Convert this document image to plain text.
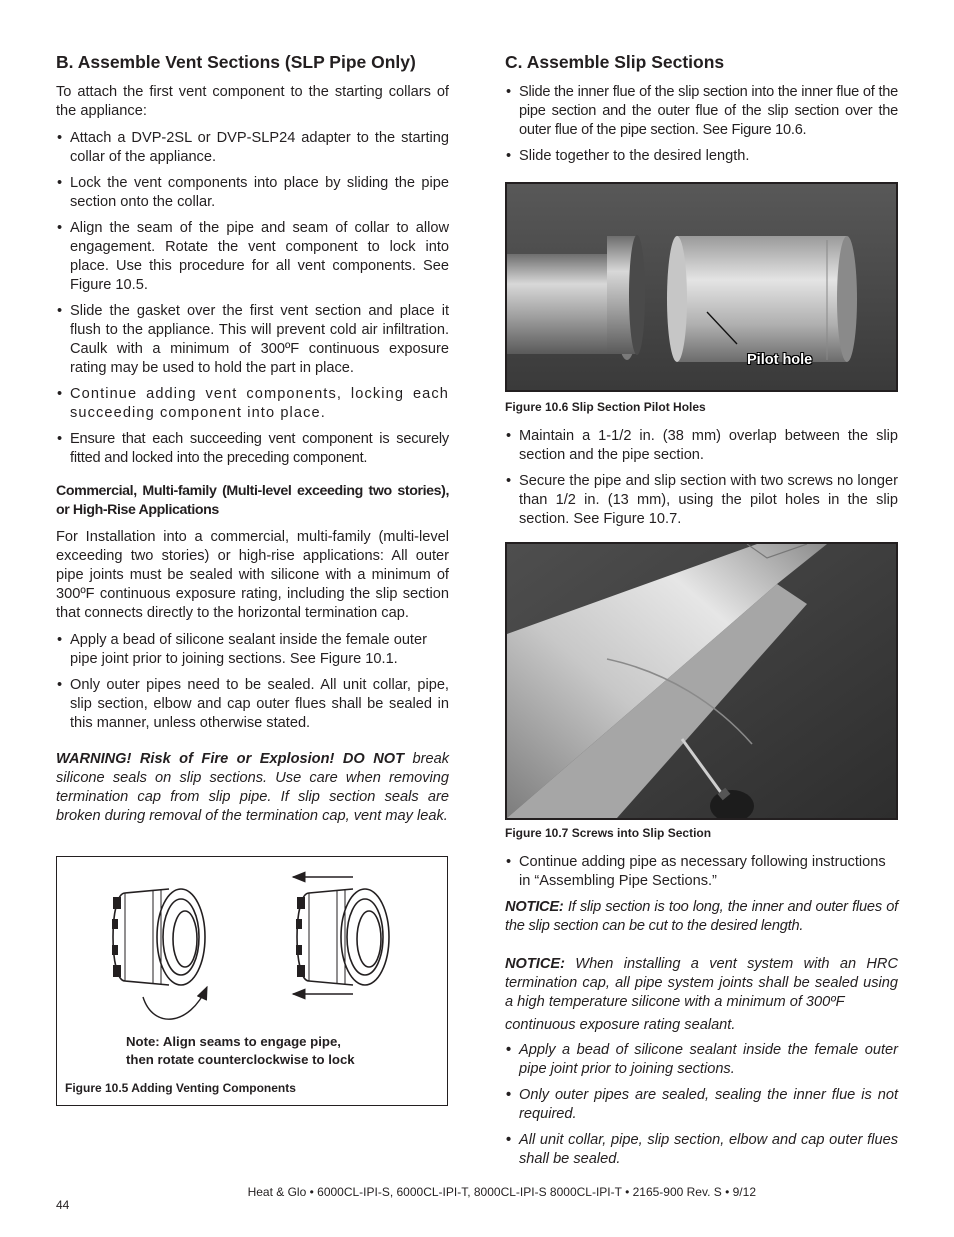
B. Assemble Vent Sections (SLP Pipe Only)

To attach the first vent component to the starting collars of the appliance:

• Attach a DVP-2SL or DVP-SLP24 adapter to the starting collar of the appliance.
• Lock the vent components into place by sliding the pipe section onto the collar.
• Align the seam of the pipe and seam of collar to allow engagement. Rotate the vent component to lock into place. Use this procedure for all vent components. See Figure 10.5.
• Slide the gasket over the first vent section and place it flush to the appliance. This will prevent cold air infiltration. Caulk with a minimum of 300ºF continuous exposure rating may be used to hold the part in place.
• Continue adding vent components, locking each succeeding component into place.
• Ensure that each succeeding vent component is securely fitted and locked into the preceding component.
Commercial, Multi-family (Multi-level exceeding two stories), or High-Rise Applications

For Installation into a commercial, multi-family (multi-level exceeding two stories) or high-rise applications: All outer pipe joints must be sealed with silicone with a minimum of 300ºF continuous exposure rating, including the slip section that connects directly to the horizontal termination cap.

• Apply a bead of silicone sealant inside the female outer pipe joint prior to joining sections. See Figure 10.1.
• Only outer pipes need to be sealed. All unit collar, pipe, slip section, elbow and cap outer flues shall be sealed in this manner, unless otherwise stated.
WARNING! Risk of Fire or Explosion! DO NOT break silicone seals on slip sections. Use care when removing termination cap from slip pipe. If slip section seals are broken during removal of the termination cap, vent may leak.
Note: Align seams to engage pipe,
then rotate counterclockwise to lock
Figure 10.5 Adding Venting Components
C. Assemble Slip Sections
• Slide the inner flue of the slip section into the inner flue of the pipe section and the outer flue of the slip section over the outer flue of the pipe section. See Figure 10.6.
• Slide together to the desired length.
Pilot hole
Figure 10.6 Slip Section Pilot Holes
• Maintain a 1-1/2 in. (38 mm) overlap between the slip section and the pipe section.
• Secure the pipe and slip section with two screws no longer than 1/2 in. (13 mm), using the pilot holes in the slip section. See Figure 10.7.
Figure 10.7 Screws into Slip Section
• Continue adding pipe as necessary following instructions in “Assembling Pipe Sections.”
NOTICE: If slip section is too long, the inner and outer flues of the slip section can be cut to the desired length.
NOTICE: When installing a vent system with an HRC termination cap, all pipe system joints shall be sealed using a high temperature silicone with a minimum of 300ºF
continuous exposure rating sealant.
• Apply a bead of silicone sealant inside the female outer pipe joint prior to joining sections.
• Only outer pipes are sealed, sealing the inner flue is not required.
• All unit collar, pipe, slip section, elbow and cap outer flues shall be sealed.
Heat & Glo • 6000CL-IPI-S, 6000CL-IPI-T, 8000CL-IPI-S 8000CL-IPI-T • 2165-900 Rev. S • 9/12
44
